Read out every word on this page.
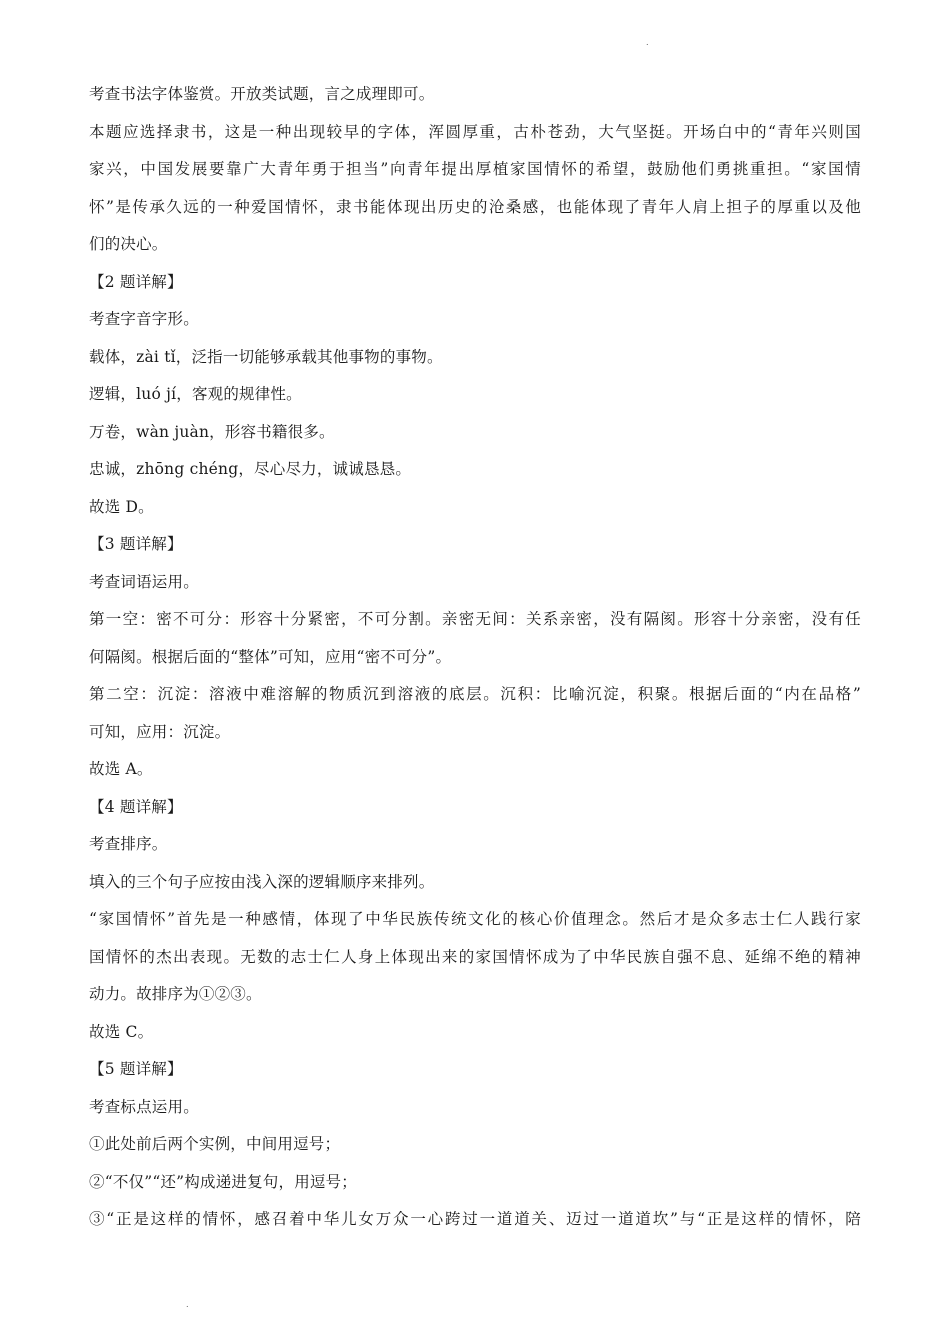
.
考查书法字体鉴赏。开放类试题，言之成理即可。
本题应选择隶书，这是一种出现较早的字体，浑圆厚重，古朴苍劲，大气坚挺。开场白中的“青年兴则国
家兴，中国发展要靠广大青年勇于担当”向青年提出厚植家国情怀的希望，鼓励他们勇挑重担。“家国情
怀”是传承久远的一种爱国情怀，隶书能体现出历史的沧桑感，也能体现了青年人肩上担子的厚重以及他
们的决心。
【2 题详解】
考查字音字形。
载体，zài tǐ，泛指一切能够承载其他事物的事物。
逻辑，luó jí，客观的规律性。
万卷，wàn juàn，形容书籍很多。
忠诚，zhōng chéng，尽心尽力，诚诚恳恳。
故选 D。
【3 题详解】
考查词语运用。
第一空：密不可分：形容十分紧密，不可分割。亲密无间：关系亲密，没有隔阂。形容十分亲密，没有任
何隔阂。根据后面的“整体”可知，应用“密不可分”。
第二空：沉淀：溶液中难溶解的物质沉到溶液的底层。沉积：比喻沉淀，积聚。根据后面的“内在品格”
可知，应用：沉淀。
故选 A。
【4 题详解】
考查排序。
填入的三个句子应按由浅入深的逻辑顺序来排列。
“家国情怀”首先是一种感情，体现了中华民族传统文化的核心价值理念。然后才是众多志士仁人践行家
国情怀的杰出表现。无数的志士仁人身上体现出来的家国情怀成为了中华民族自强不息、延绵不绝的精神
动力。故排序为①②③。
故选 C。
【5 题详解】
考查标点运用。
①此处前后两个实例，中间用逗号；
②“不仅”“还”构成递进复句，用逗号；
③“正是这样的情怀，感召着中华儿女万众一心跨过一道道关、迈过一道道坎”与“正是这样的情怀，陪
.
